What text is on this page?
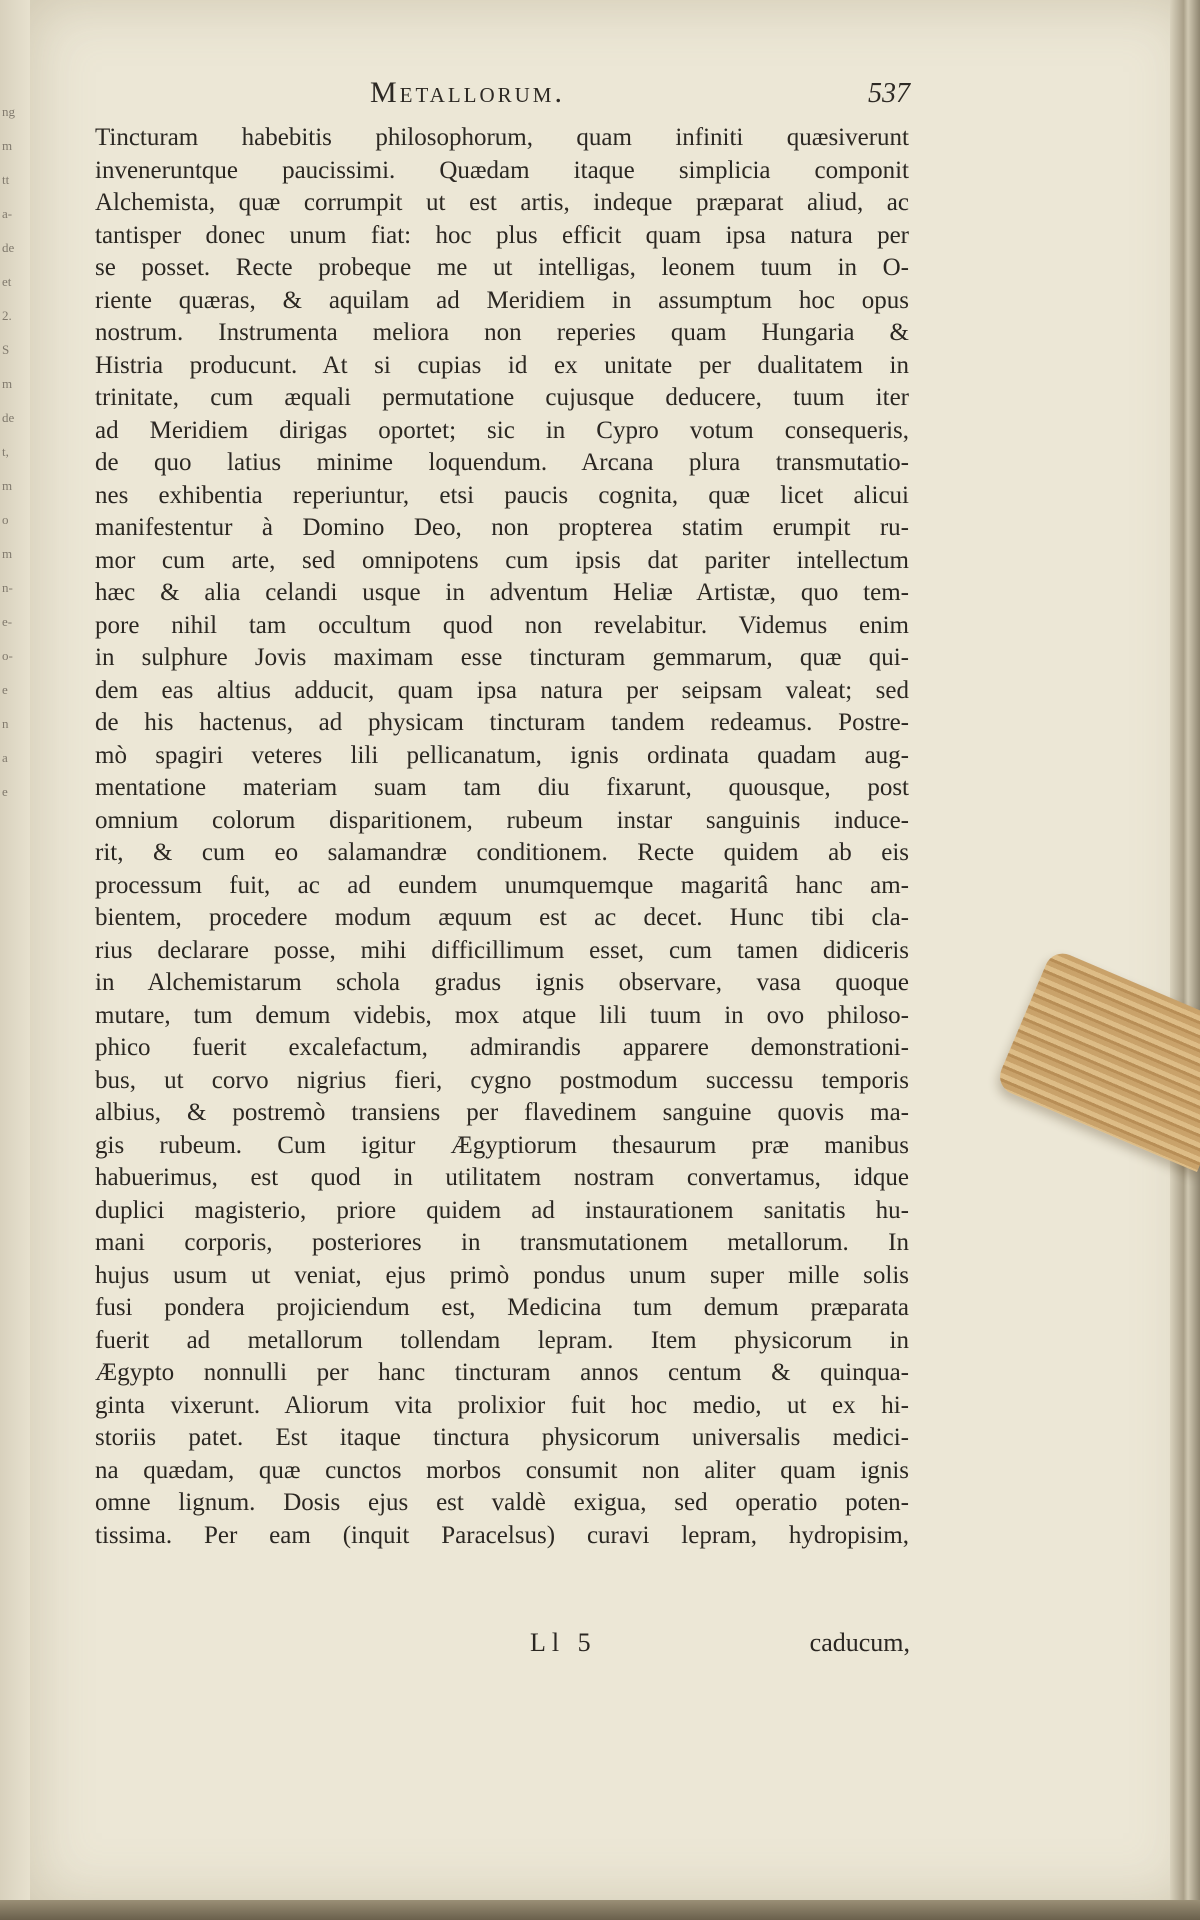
ng
m
tt
a-
de
et
2.
S
m
de
t,
m
o
m
n-
e-
o-
e
n
a
e
Metallorum.	537
Tincturam habebitis philosophorum, quam infiniti quæsiverunt
inveneruntque paucissimi. Quædam itaque simplicia componit
Alchemista, quæ corrumpit ut est artis, indeque præparat aliud, ac
tantisper donec unum fiat: hoc plus efficit quam ipsa natura per
se posset. Recte probeque me ut intelligas, leonem tuum in O-
riente quæras, & aquilam ad Meridiem in assumptum hoc opus
nostrum. Instrumenta meliora non reperies quam Hungaria &
Histria producunt. At si cupias id ex unitate per dualitatem in
trinitate, cum æquali permutatione cujusque deducere, tuum iter
ad Meridiem dirigas oportet; sic in Cypro votum consequeris,
de quo latius minime loquendum. Arcana plura transmutatio-
nes exhibentia reperiuntur, etsi paucis cognita, quæ licet alicui
manifestentur à Domino Deo, non propterea statim erumpit ru-
mor cum arte, sed omnipotens cum ipsis dat pariter intellectum
hæc & alia celandi usque in adventum Heliæ Artistæ, quo tem-
pore nihil tam occultum quod non revelabitur. Videmus enim
in sulphure Jovis maximam esse tincturam gemmarum, quæ qui-
dem eas altius adducit, quam ipsa natura per seipsam valeat; sed
de his hactenus, ad physicam tincturam tandem redeamus. Postre-
mò spagiri veteres lili pellicanatum, ignis ordinata quadam aug-
mentatione materiam suam tam diu fixarunt, quousque, post
omnium colorum disparitionem, rubeum instar sanguinis induce-
rit, & cum eo salamandræ conditionem. Recte quidem ab eis
processum fuit, ac ad eundem unumquemque magaritâ hanc am-
bientem, procedere modum æquum est ac decet. Hunc tibi cla-
rius declarare posse, mihi difficillimum esset, cum tamen didiceris
in Alchemistarum schola gradus ignis observare, vasa quoque
mutare, tum demum videbis, mox atque lili tuum in ovo philoso-
phico fuerit excalefactum, admirandis apparere demonstrationi-
bus, ut corvo nigrius fieri, cygno postmodum successu temporis
albius, & postremò transiens per flavedinem sanguine quovis ma-
gis rubeum. Cum igitur Ægyptiorum thesaurum præ manibus
habuerimus, est quod in utilitatem nostram convertamus, idque
duplici magisterio, priore quidem ad instaurationem sanitatis hu-
mani corporis, posteriores in transmutationem metallorum. In
hujus usum ut veniat, ejus primò pondus unum super mille solis
fusi pondera projiciendum est, Medicina tum demum præparata
fuerit ad metallorum tollendam lepram. Item physicorum in
Ægypto nonnulli per hanc tincturam annos centum & quinqua-
ginta vixerunt. Aliorum vita prolixior fuit hoc medio, ut ex hi-
storiis patet. Est itaque tinctura physicorum universalis medici-
na quædam, quæ cunctos morbos consumit non aliter quam ignis
omne lignum. Dosis ejus est valdè exigua, sed operatio poten-
tissima. Per eam (inquit Paracelsus) curavi lepram, hydropisim,
Ll 5	caducum,
